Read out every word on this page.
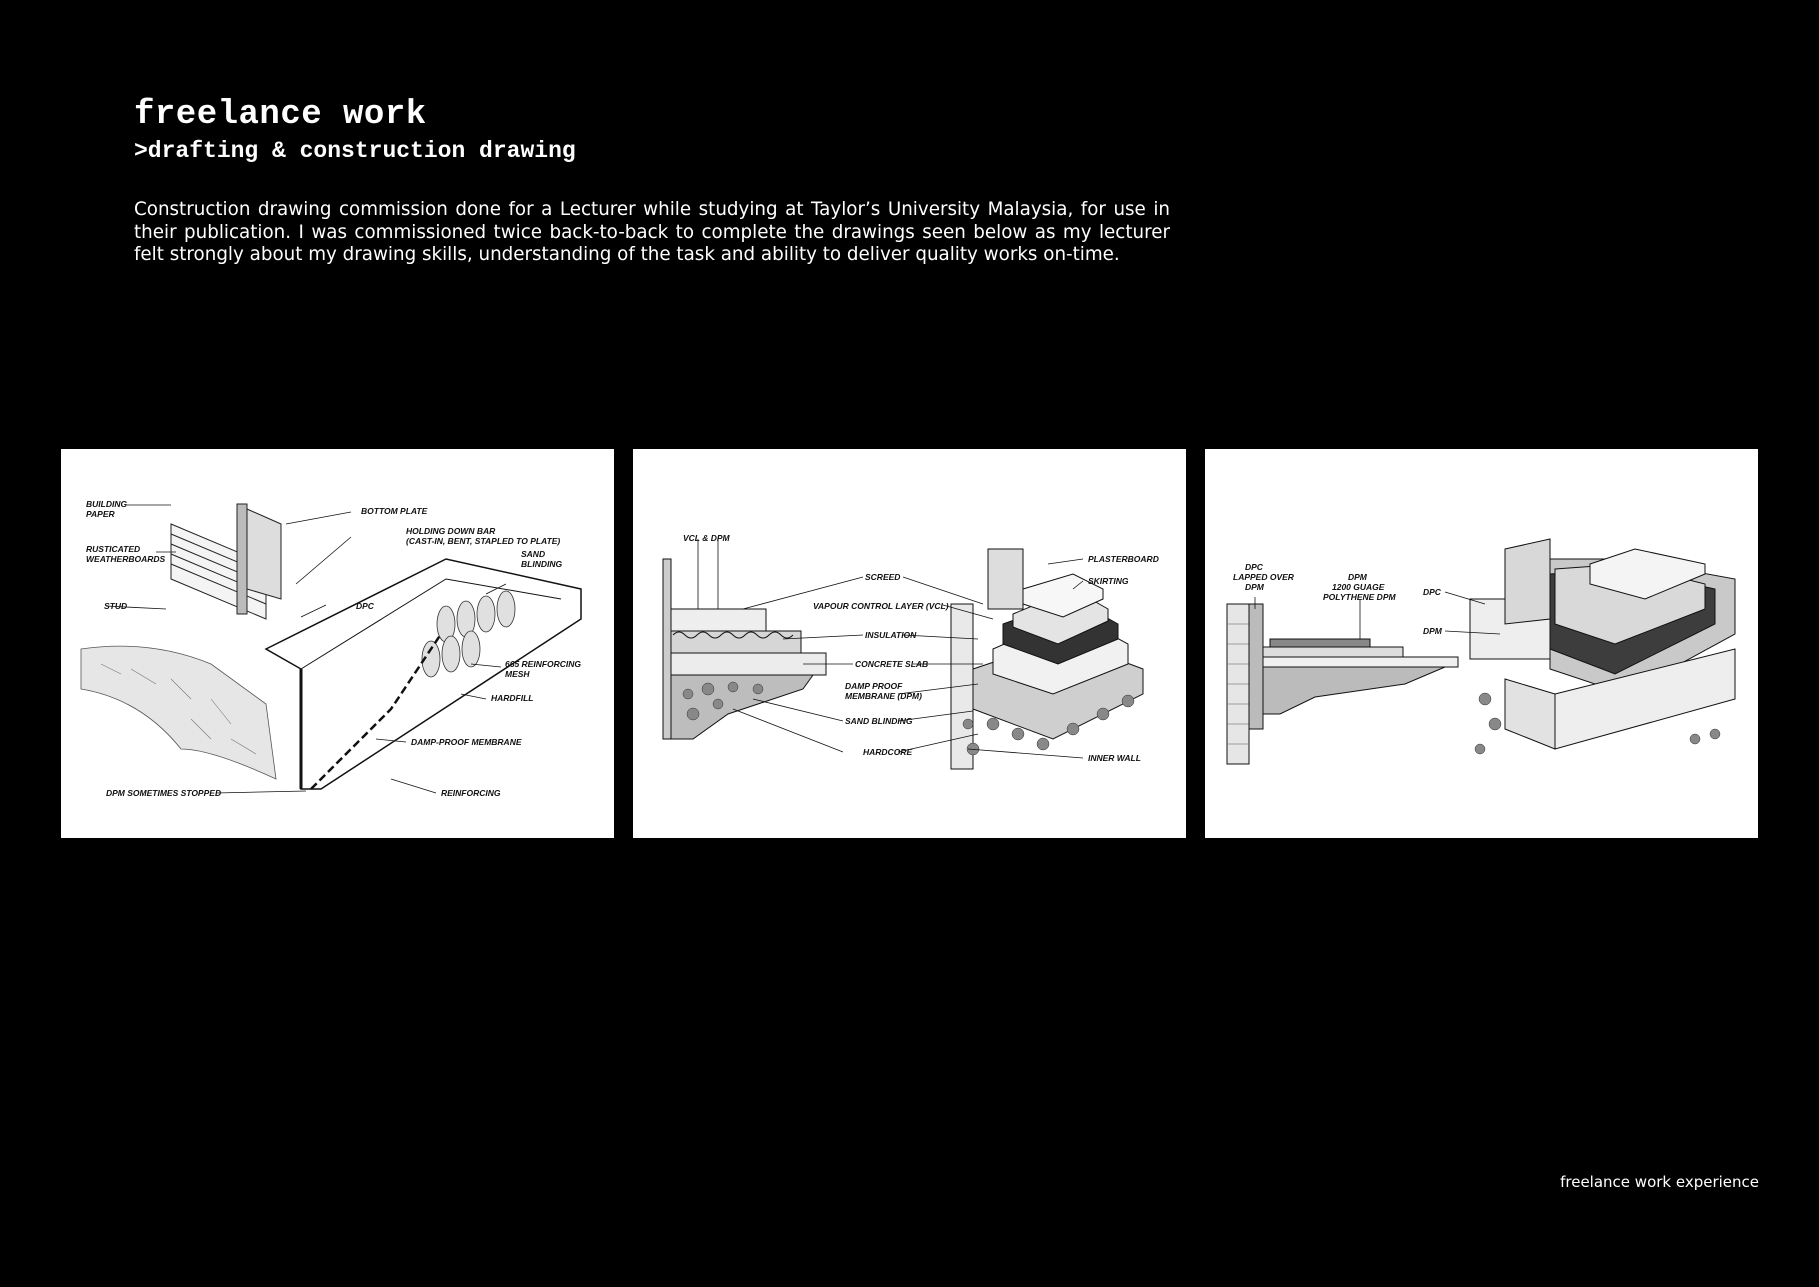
freelance work
>drafting & construction drawing

Construction drawing commission done for a Lecturer while studying at Taylor’s University Malaysia, for use in their publication. I was commissioned twice back-to-back to complete the drawings seen below as my lecturer felt strongly about my drawing skills, understanding of the task and ability to deliver quality works on-time.

BUILDING
PAPER
RUSTICATED
WEATHERBOARDS
STUD
BOTTOM PLATE
HOLDING DOWN BAR
(CAST-IN, BENT, STAPLED TO PLATE)
DPC
SAND
BLINDING
665 REINFORCING
MESH
HARDFILL
DAMP-PROOF MEMBRANE
DPM SOMETIMES STOPPED	REINFORCING
VCL & DPM
SCREED
VAPOUR CONTROL LAYER (VCL)
INSULATION
CONCRETE SLAB
DAMP PROOF
MEMBRANE (DPM)
SAND BLINDING
HARDCORE
PLASTERBOARD
SKIRTING
INNER WALL
DPC
LAPPED OVER
DPM
DPM
1200 GUAGE
POLYTHENE DPM	DPC
DPM

freelance work experience
